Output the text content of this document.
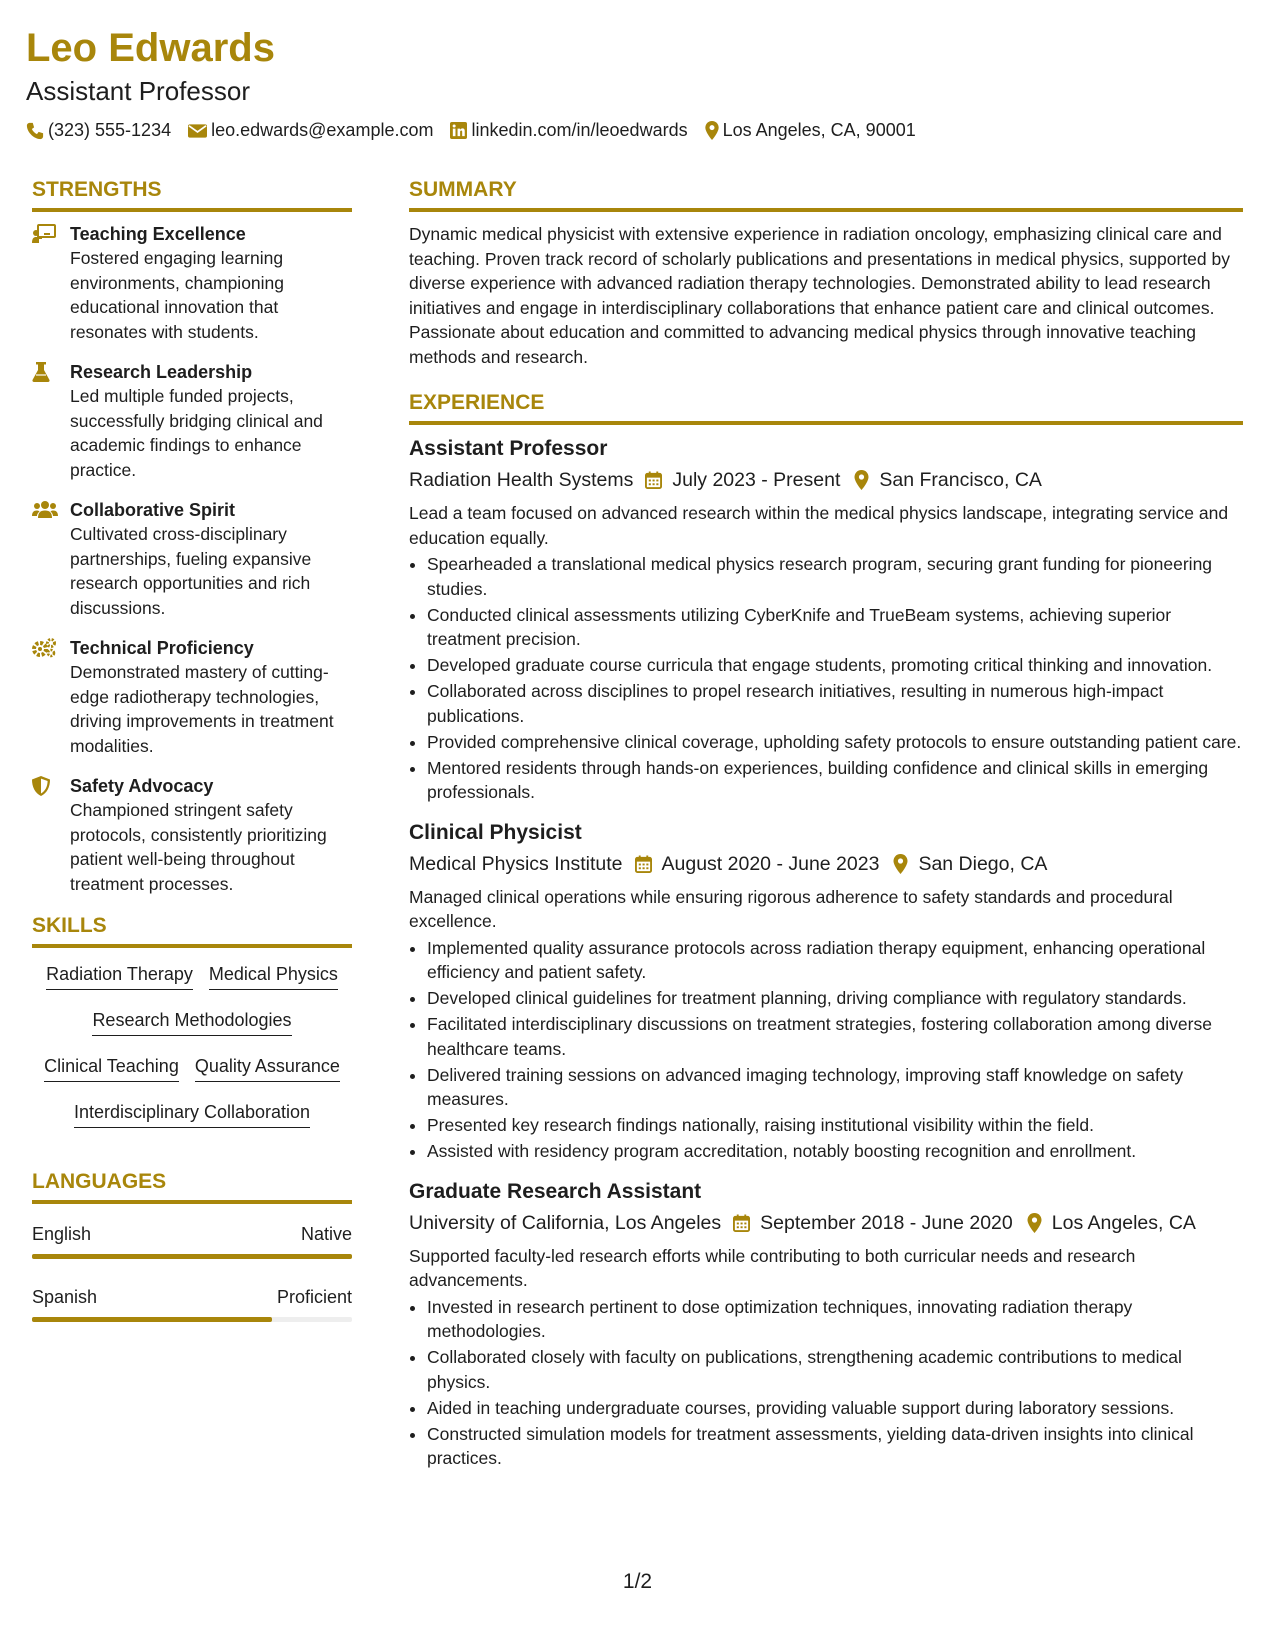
Leo Edwards
Assistant Professor
(323) 555-1234 leo.edwards@example.com linkedin.com/in/leoedwards Los Angeles, CA, 90001
STRENGTHS
Teaching Excellence
Fostered engaging learning environments, championing educational innovation that resonates with students.
Research Leadership
Led multiple funded projects, successfully bridging clinical and academic findings to enhance practice.
Collaborative Spirit
Cultivated cross-disciplinary partnerships, fueling expansive research opportunities and rich discussions.
Technical Proficiency
Demonstrated mastery of cutting-edge radiotherapy technologies, driving improvements in treatment modalities.
Safety Advocacy
Championed stringent safety protocols, consistently prioritizing patient well-being throughout treatment processes.
SKILLS
Radiation Therapy Medical Physics
Research Methodologies
Clinical Teaching Quality Assurance
Interdisciplinary Collaboration
LANGUAGES
English	Native
Spanish	Proficient
SUMMARY
Dynamic medical physicist with extensive experience in radiation oncology, emphasizing clinical care and teaching. Proven track record of scholarly publications and presentations in medical physics, supported by diverse experience with advanced radiation therapy technologies. Demonstrated ability to lead research initiatives and engage in interdisciplinary collaborations that enhance patient care and clinical outcomes. Passionate about education and committed to advancing medical physics through innovative teaching methods and research.
EXPERIENCE
Assistant Professor
Radiation Health Systems July 2023 - Present San Francisco, CA
Lead a team focused on advanced research within the medical physics landscape, integrating service and education equally.
• Spearheaded a translational medical physics research program, securing grant funding for pioneering studies.
• Conducted clinical assessments utilizing CyberKnife and TrueBeam systems, achieving superior treatment precision.
• Developed graduate course curricula that engage students, promoting critical thinking and innovation.
• Collaborated across disciplines to propel research initiatives, resulting in numerous high-impact publications.
• Provided comprehensive clinical coverage, upholding safety protocols to ensure outstanding patient care.
• Mentored residents through hands-on experiences, building confidence and clinical skills in emerging professionals.
Clinical Physicist
Medical Physics Institute August 2020 - June 2023 San Diego, CA
Managed clinical operations while ensuring rigorous adherence to safety standards and procedural excellence.
• Implemented quality assurance protocols across radiation therapy equipment, enhancing operational efficiency and patient safety.
• Developed clinical guidelines for treatment planning, driving compliance with regulatory standards.
• Facilitated interdisciplinary discussions on treatment strategies, fostering collaboration among diverse healthcare teams.
• Delivered training sessions on advanced imaging technology, improving staff knowledge on safety measures.
• Presented key research findings nationally, raising institutional visibility within the field.
• Assisted with residency program accreditation, notably boosting recognition and enrollment.
Graduate Research Assistant
University of California, Los Angeles September 2018 - June 2020 Los Angeles, CA
Supported faculty-led research efforts while contributing to both curricular needs and research advancements.
• Invested in research pertinent to dose optimization techniques, innovating radiation therapy methodologies.
• Collaborated closely with faculty on publications, strengthening academic contributions to medical physics.
• Aided in teaching undergraduate courses, providing valuable support during laboratory sessions.
• Constructed simulation models for treatment assessments, yielding data-driven insights into clinical practices.
1/2
